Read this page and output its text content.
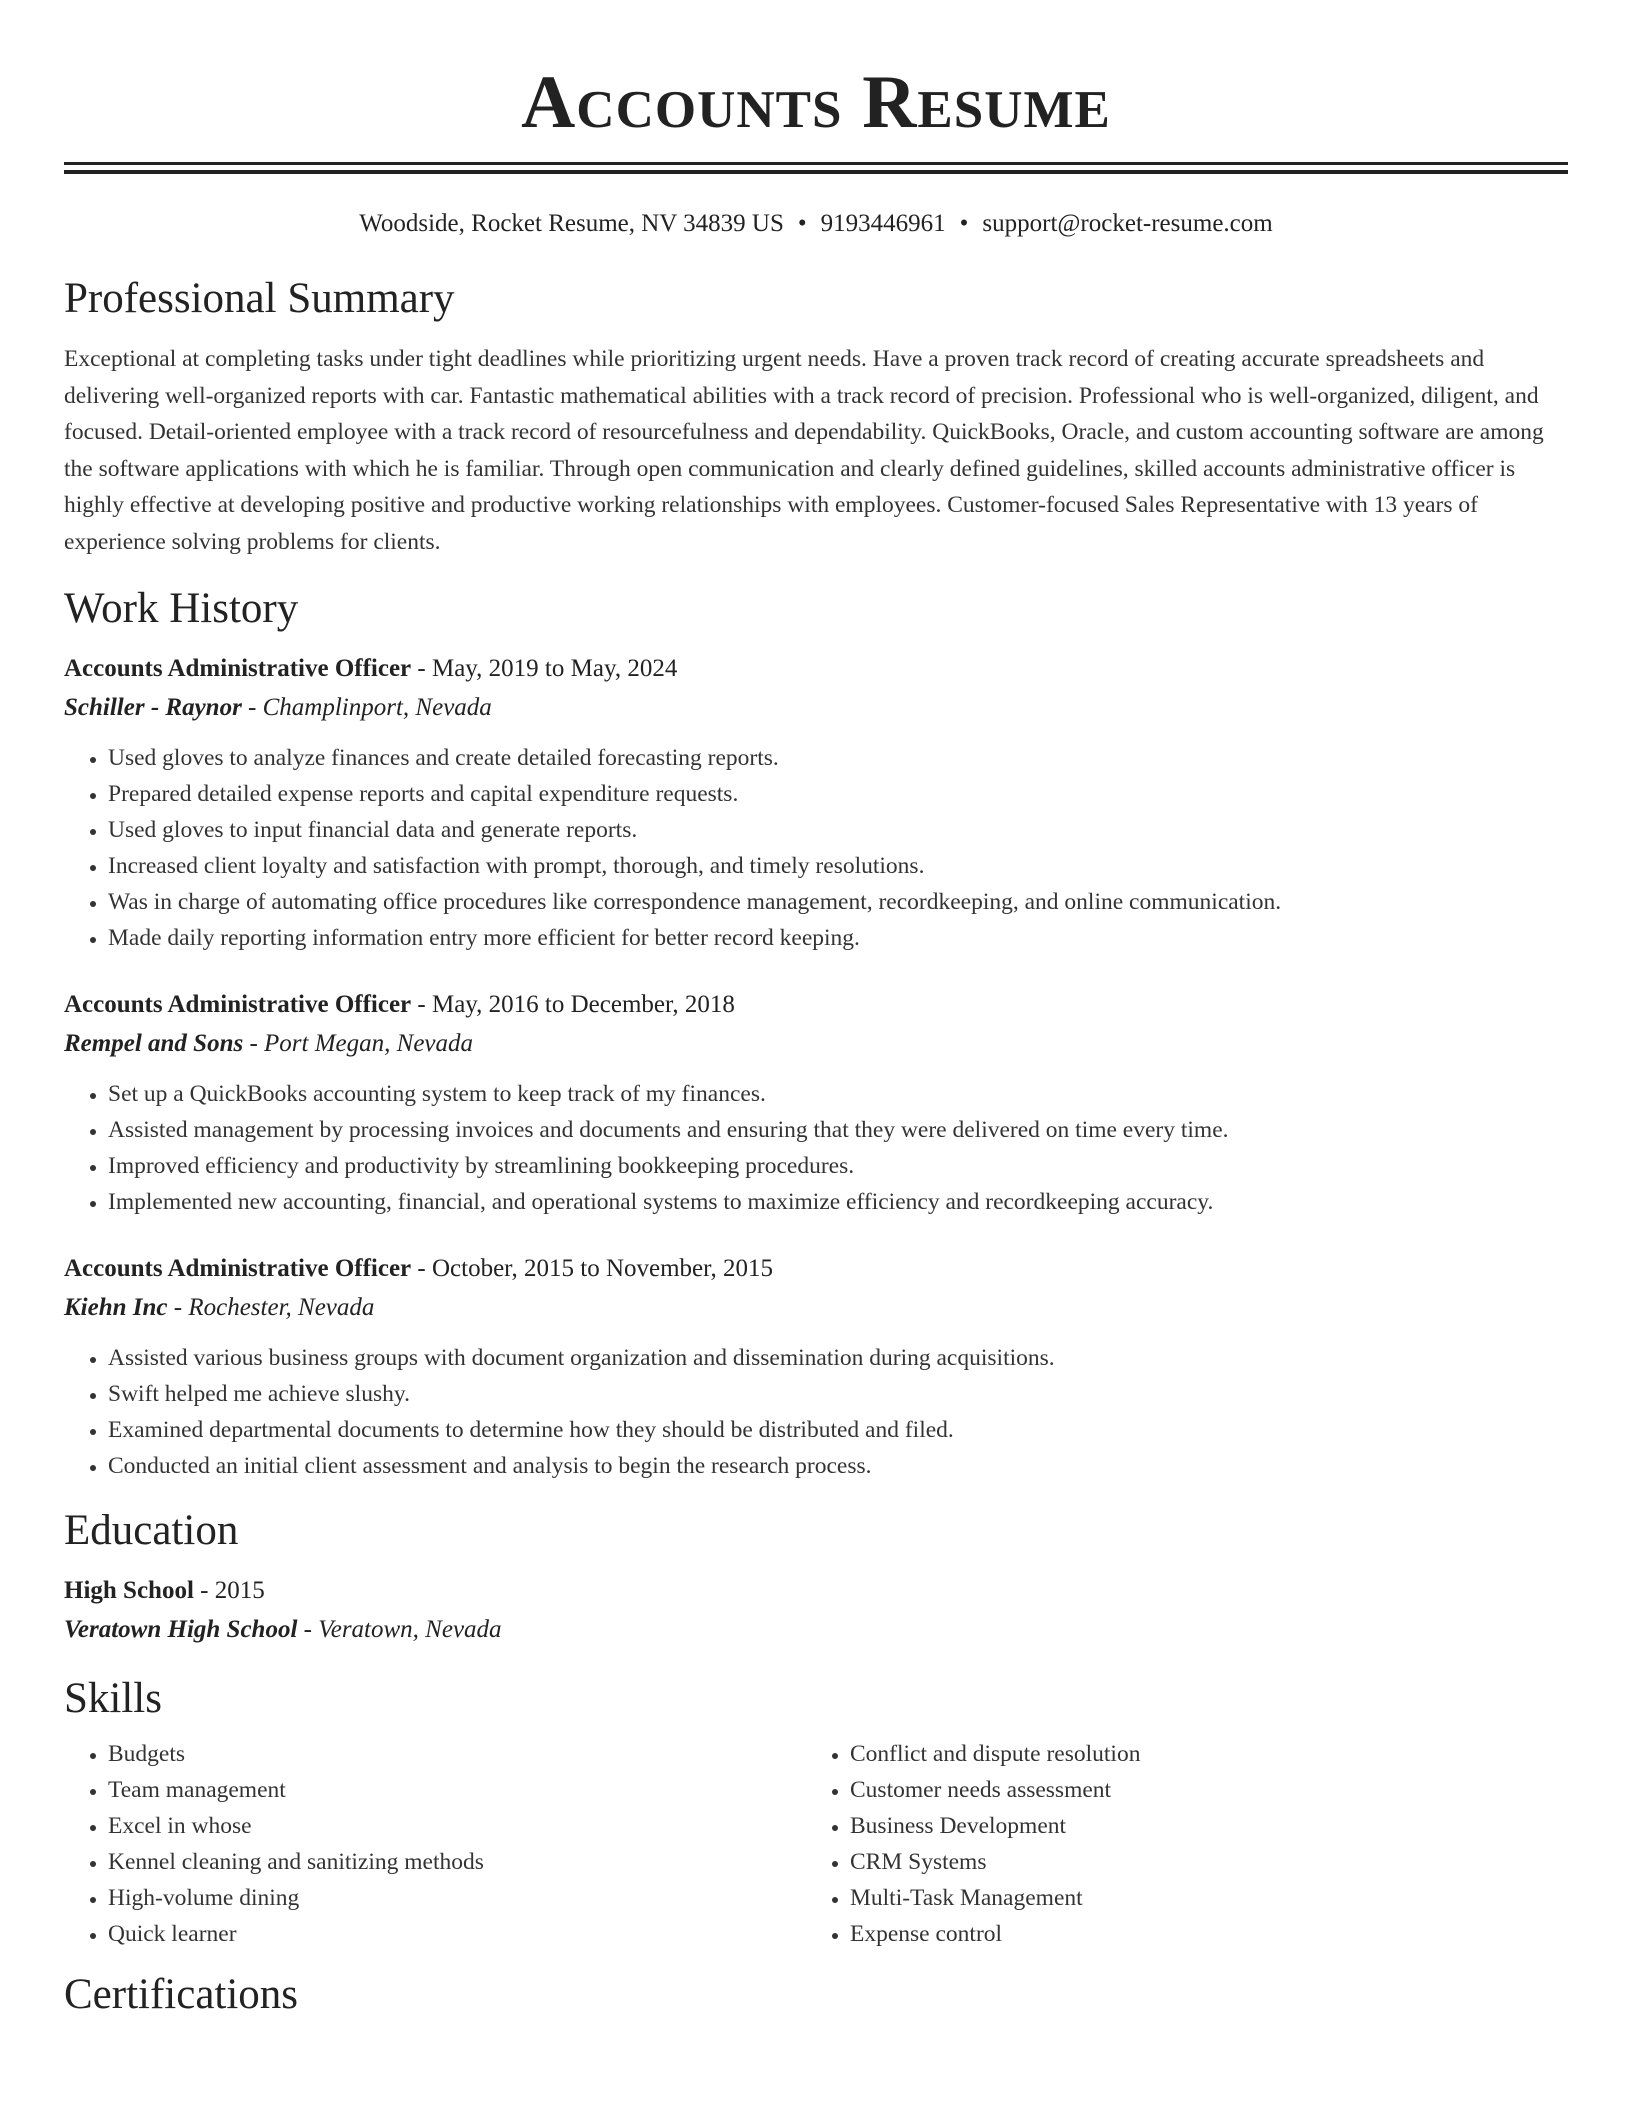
Accounts Resume
Woodside, Rocket Resume, NV 34839 US • 9193446961 • support@rocket-resume.com
Professional Summary

Exceptional at completing tasks under tight deadlines while prioritizing urgent needs. Have a proven track record of creating accurate spreadsheets and delivering well-organized reports with car. Fantastic mathematical abilities with a track record of precision. Professional who is well-organized, diligent, and focused. Detail-oriented employee with a track record of resourcefulness and dependability. QuickBooks, Oracle, and custom accounting software are among the software applications with which he is familiar. Through open communication and clearly defined guidelines, skilled accounts administrative officer is highly effective at developing positive and productive working relationships with employees. Customer-focused Sales Representative with 13 years of experience solving problems for clients.

Work History
Accounts Administrative Officer - May, 2019 to May, 2024
Schiller - Raynor - Champlinport, Nevada
• Used gloves to analyze finances and create detailed forecasting reports.
• Prepared detailed expense reports and capital expenditure requests.
• Used gloves to input financial data and generate reports.
• Increased client loyalty and satisfaction with prompt, thorough, and timely resolutions.
• Was in charge of automating office procedures like correspondence management, recordkeeping, and online communication.
• Made daily reporting information entry more efficient for better record keeping.
Accounts Administrative Officer - May, 2016 to December, 2018
Rempel and Sons - Port Megan, Nevada
• Set up a QuickBooks accounting system to keep track of my finances.
• Assisted management by processing invoices and documents and ensuring that they were delivered on time every time.
• Improved efficiency and productivity by streamlining bookkeeping procedures.
• Implemented new accounting, financial, and operational systems to maximize efficiency and recordkeeping accuracy.
Accounts Administrative Officer - October, 2015 to November, 2015
Kiehn Inc - Rochester, Nevada
• Assisted various business groups with document organization and dissemination during acquisitions.
• Swift helped me achieve slushy.
• Examined departmental documents to determine how they should be distributed and filed.
• Conducted an initial client assessment and analysis to begin the research process.
Education
High School - 2015
Veratown High School - Veratown, Nevada
Skills
• Budgets
• Team management
• Excel in whose
• Kennel cleaning and sanitizing methods
• High-volume dining
• Quick learner
• Conflict and dispute resolution
• Customer needs assessment
• Business Development
• CRM Systems
• Multi-Task Management
• Expense control
Certifications
